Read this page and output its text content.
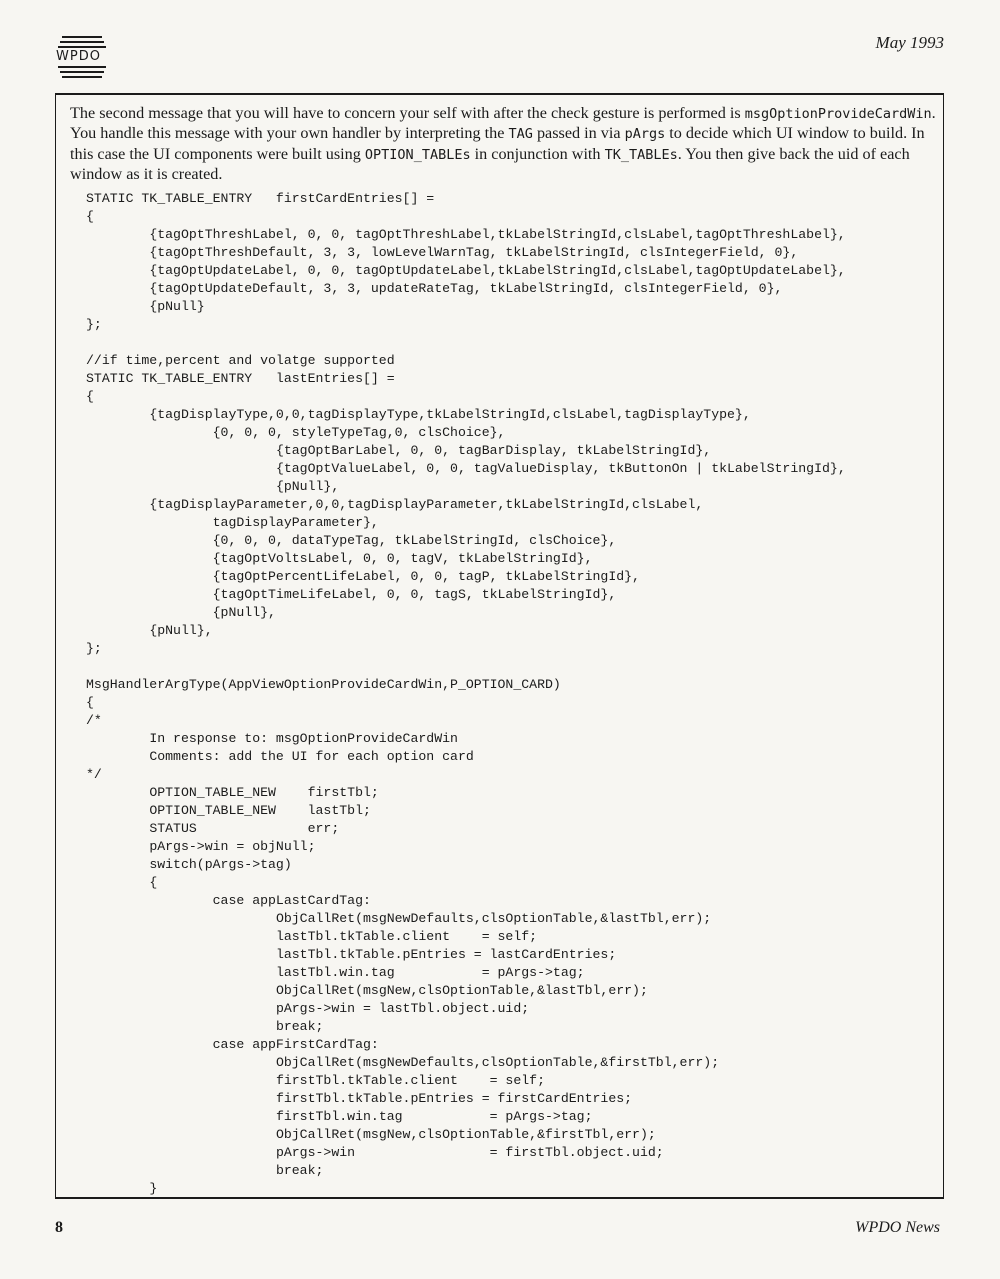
WPDO
May 1993

The second message that you will have to concern your self with after the check gesture is performed is msgOptionProvideCardWin. You handle this message with your own handler by interpreting the TAG passed in via pArgs to decide which UI window to build. In this case the UI components were built using OPTION_TABLEs in conjunction with TK_TABLEs. You then give back the uid of each window as it is created.

STATIC TK_TABLE_ENTRY   firstCardEntries[] =
{
	{tagOptThreshLabel, 0, 0, tagOptThreshLabel,tkLabelStringId,clsLabel,tagOptThreshLabel},
	{tagOptThreshDefault, 3, 3, lowLevelWarnTag, tkLabelStringId, clsIntegerField, 0},
	{tagOptUpdateLabel, 0, 0, tagOptUpdateLabel,tkLabelStringId,clsLabel,tagOptUpdateLabel},
	{tagOptUpdateDefault, 3, 3, updateRateTag, tkLabelStringId, clsIntegerField, 0},
	{pNull}
};

//if time,percent and volatge supported
STATIC TK_TABLE_ENTRY   lastEntries[] =
{
	{tagDisplayType,0,0,tagDisplayType,tkLabelStringId,clsLabel,tagDisplayType},
		{0, 0, 0, styleTypeTag,0, clsChoice},
			{tagOptBarLabel, 0, 0, tagBarDisplay, tkLabelStringId},
			{tagOptValueLabel, 0, 0, tagValueDisplay, tkButtonOn | tkLabelStringId},
			{pNull},
	{tagDisplayParameter,0,0,tagDisplayParameter,tkLabelStringId,clsLabel,
		tagDisplayParameter},
		{0, 0, 0, dataTypeTag, tkLabelStringId, clsChoice},
		{tagOptVoltsLabel, 0, 0, tagV, tkLabelStringId},
		{tagOptPercentLifeLabel, 0, 0, tagP, tkLabelStringId},
		{tagOptTimeLifeLabel, 0, 0, tagS, tkLabelStringId},
		{pNull},
	{pNull},
};

MsgHandlerArgType(AppViewOptionProvideCardWin,P_OPTION_CARD)
{
/*
	In response to: msgOptionProvideCardWin
	Comments: add the UI for each option card
*/
	OPTION_TABLE_NEW    firstTbl;
	OPTION_TABLE_NEW    lastTbl;
	STATUS              err;
	pArgs->win = objNull;
	switch(pArgs->tag)
	{
		case appLastCardTag:
			ObjCallRet(msgNewDefaults,clsOptionTable,&lastTbl,err);
			lastTbl.tkTable.client    = self;
			lastTbl.tkTable.pEntries = lastCardEntries;
			lastTbl.win.tag           = pArgs->tag;
			ObjCallRet(msgNew,clsOptionTable,&lastTbl,err);
			pArgs->win = lastTbl.object.uid;
			break;
		case appFirstCardTag:
			ObjCallRet(msgNewDefaults,clsOptionTable,&firstTbl,err);
			firstTbl.tkTable.client    = self;
			firstTbl.tkTable.pEntries = firstCardEntries;
			firstTbl.win.tag           = pArgs->tag;
			ObjCallRet(msgNew,clsOptionTable,&firstTbl,err);
			pArgs->win                 = firstTbl.object.uid;
			break;
	}
8	WPDO News
